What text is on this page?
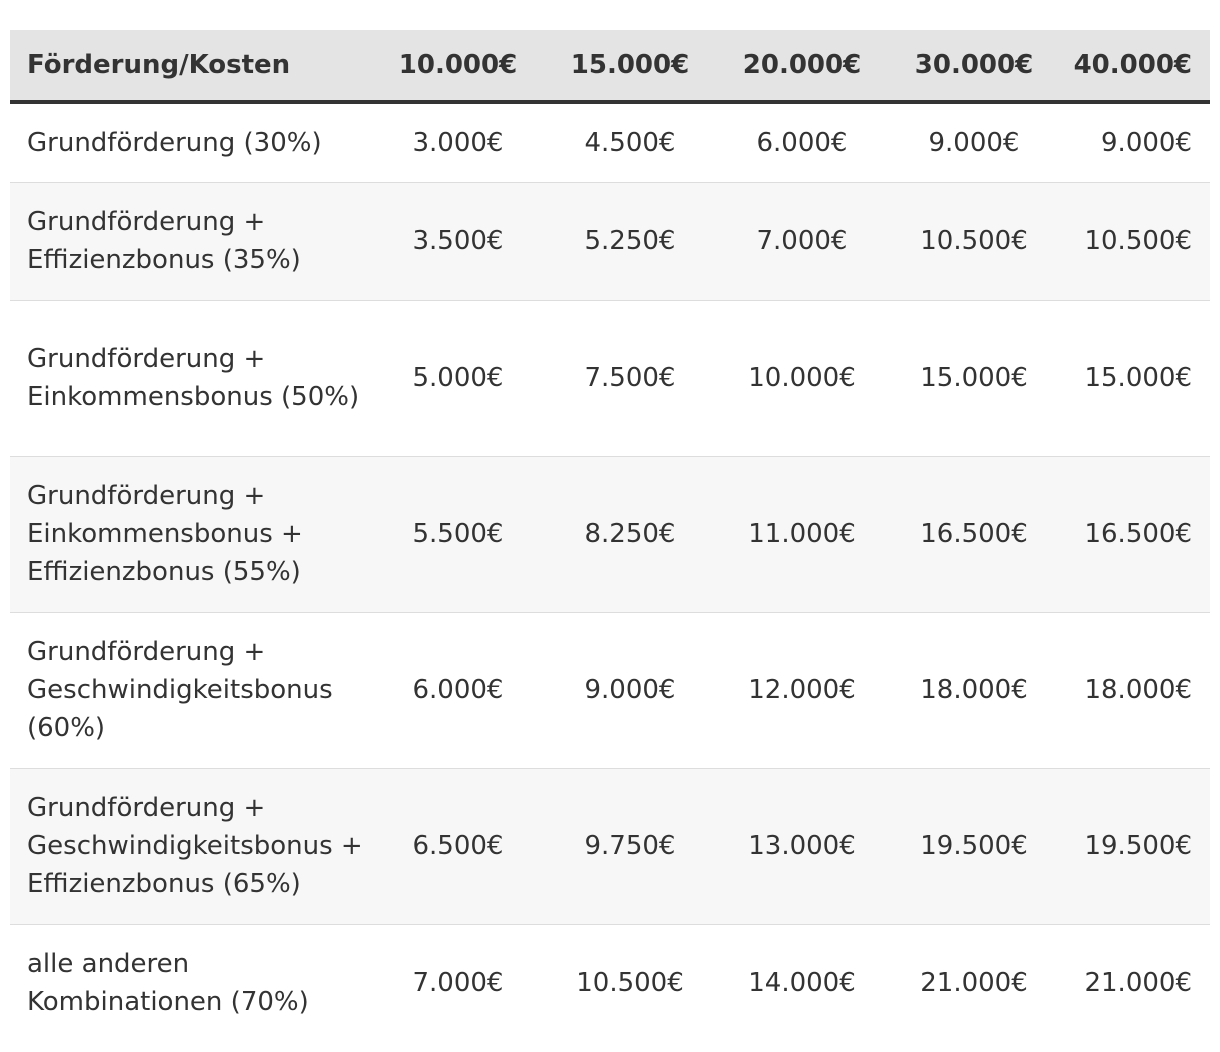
Förderung/Kosten	10.000€	15.000€	20.000€	30.000€	40.000€
Grundförderung (30%)	3.000€	4.500€	6.000€	9.000€	9.000€
Grundförderung + Effizienzbonus (35%)	3.500€	5.250€	7.000€	10.500€	10.500€
Grundförderung + Einkommensbonus (50%)	5.000€	7.500€	10.000€	15.000€	15.000€
Grundförderung + Einkommensbonus + Effizienzbonus (55%)	5.500€	8.250€	11.000€	16.500€	16.500€
Grundförderung + Geschwindigkeitsbonus (60%)	6.000€	9.000€	12.000€	18.000€	18.000€
Grundförderung + Geschwindigkeitsbonus + Effizienzbonus (65%)	6.500€	9.750€	13.000€	19.500€	19.500€
alle anderen Kombinationen (70%)	7.000€	10.500€	14.000€	21.000€	21.000€
